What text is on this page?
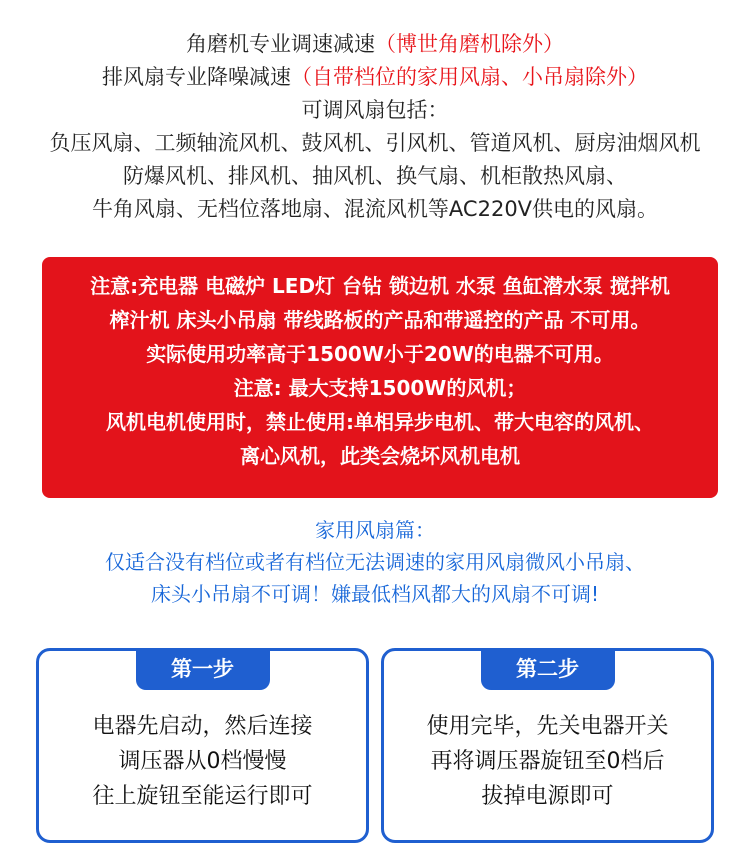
角磨机专业调速减速（博世角磨机除外）
排风扇专业降噪减速（自带档位的家用风扇、小吊扇除外）
可调风扇包括：
负压风扇、工频轴流风机、鼓风机、引风机、管道风机、厨房油烟风机
防爆风机、排风机、抽风机、换气扇、机柜散热风扇、
牛角风扇、无档位落地扇、混流风机等AC220V供电的风扇。
注意:充电器 电磁炉 LED灯 台钻 锁边机 水泵 鱼缸潜水泵 搅拌机
榨汁机 床头小吊扇 带线路板的产品和带遥控的产品 不可用。
实际使用功率高于1500W小于20W的电器不可用。
注意: 最大支持1500W的风机；
风机电机使用时，禁止使用:单相异步电机、带大电容的风机、
离心风机，此类会烧坏风机电机
家用风扇篇：
仅适合没有档位或者有档位无法调速的家用风扇微风小吊扇、
床头小吊扇不可调！嫌最低档风都大的风扇不可调!
第一步
电器先启动，然后连接
调压器从0档慢慢
往上旋钮至能运行即可
第二步
使用完毕，先关电器开关
再将调压器旋钮至0档后
拔掉电源即可
